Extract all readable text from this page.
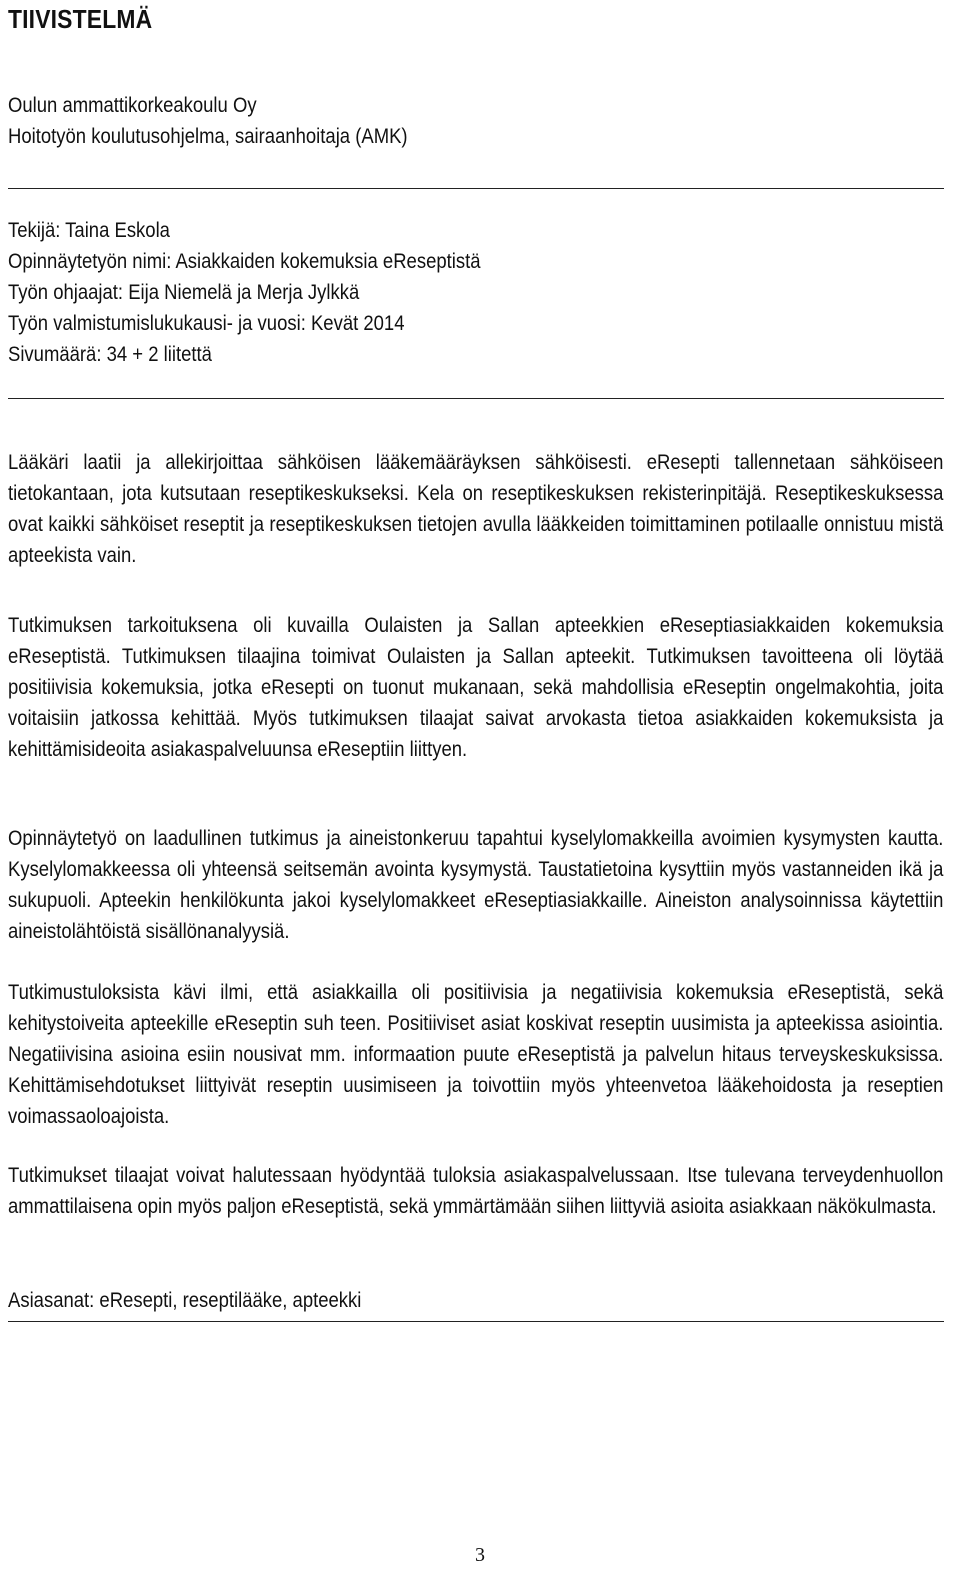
TIIVISTELMÄ
Oulun ammattikorkeakoulu Oy
Hoitotyön koulutusohjelma, sairaanhoitaja (AMK)
Tekijä: Taina Eskola
Opinnäytetyön nimi: Asiakkaiden kokemuksia eReseptistä
Työn ohjaajat: Eija Niemelä ja Merja Jylkkä
Työn valmistumislukukausi- ja vuosi: Kevät 2014
Sivumäärä: 34 + 2 liitettä

Lääkäri laatii ja allekirjoittaa sähköisen lääkemääräyksen sähköisesti. eResepti tallennetaan sähköiseen tietokantaan, jota kutsutaan reseptikeskukseksi. Kela on reseptikeskuksen rekisterinpitäjä. Reseptikeskuksessa ovat kaikki sähköiset reseptit ja reseptikeskuksen tietojen avulla lääkkeiden toimittaminen potilaalle onnistuu mistä apteekista vain.

Tutkimuksen tarkoituksena oli kuvailla Oulaisten ja Sallan apteekkien eReseptiasiakkaiden kokemuksia eReseptistä. Tutkimuksen tilaajina toimivat Oulaisten ja Sallan apteekit. Tutkimuksen tavoitteena oli löytää positiivisia kokemuksia, jotka eResepti on tuonut mukanaan, sekä mahdollisia eReseptin ongelmakohtia, joita voitaisiin jatkossa kehittää. Myös tutkimuksen tilaajat saivat arvokasta tietoa asiakkaiden kokemuksista ja kehittämisideoita asiakaspalveluunsa eReseptiin liittyen.

Opinnäytetyö on laadullinen tutkimus ja aineistonkeruu tapahtui kyselylomakkeilla avoimien kysymysten kautta. Kyselylomakkeessa oli yhteensä seitsemän avointa kysymystä. Taustatietoina kysyttiin myös vastanneiden ikä ja sukupuoli. Apteekin henkilökunta jakoi kyselylomakkeet eReseptiasiakkaille. Aineiston analysoinnissa käytettiin aineistolähtöistä sisällönanalyysiä.

Tutkimustuloksista kävi ilmi, että asiakkailla oli positiivisia ja negatiivisia kokemuksia eReseptistä, sekä kehitystoiveita apteekille eReseptin suh teen. Positiiviset asiat koskivat reseptin uusimista ja apteekissa asiointia. Negatiivisina asioina esiin nousivat mm. informaation puute eReseptistä ja palvelun hitaus terveyskeskuksissa. Kehittämisehdotukset liittyivät reseptin uusimiseen ja toivottiin myös yhteenvetoa lääkehoidosta ja reseptien voimassaoloajoista.

Tutkimukset tilaajat voivat halutessaan hyödyntää tuloksia asiakaspalvelussaan. Itse tulevana terveydenhuollon ammattilaisena opin myös paljon eReseptistä, sekä ymmärtämään siihen liittyviä asioita asiakkaan näkökulmasta.

Asiasanat: eResepti, reseptilääke, apteekki
3
